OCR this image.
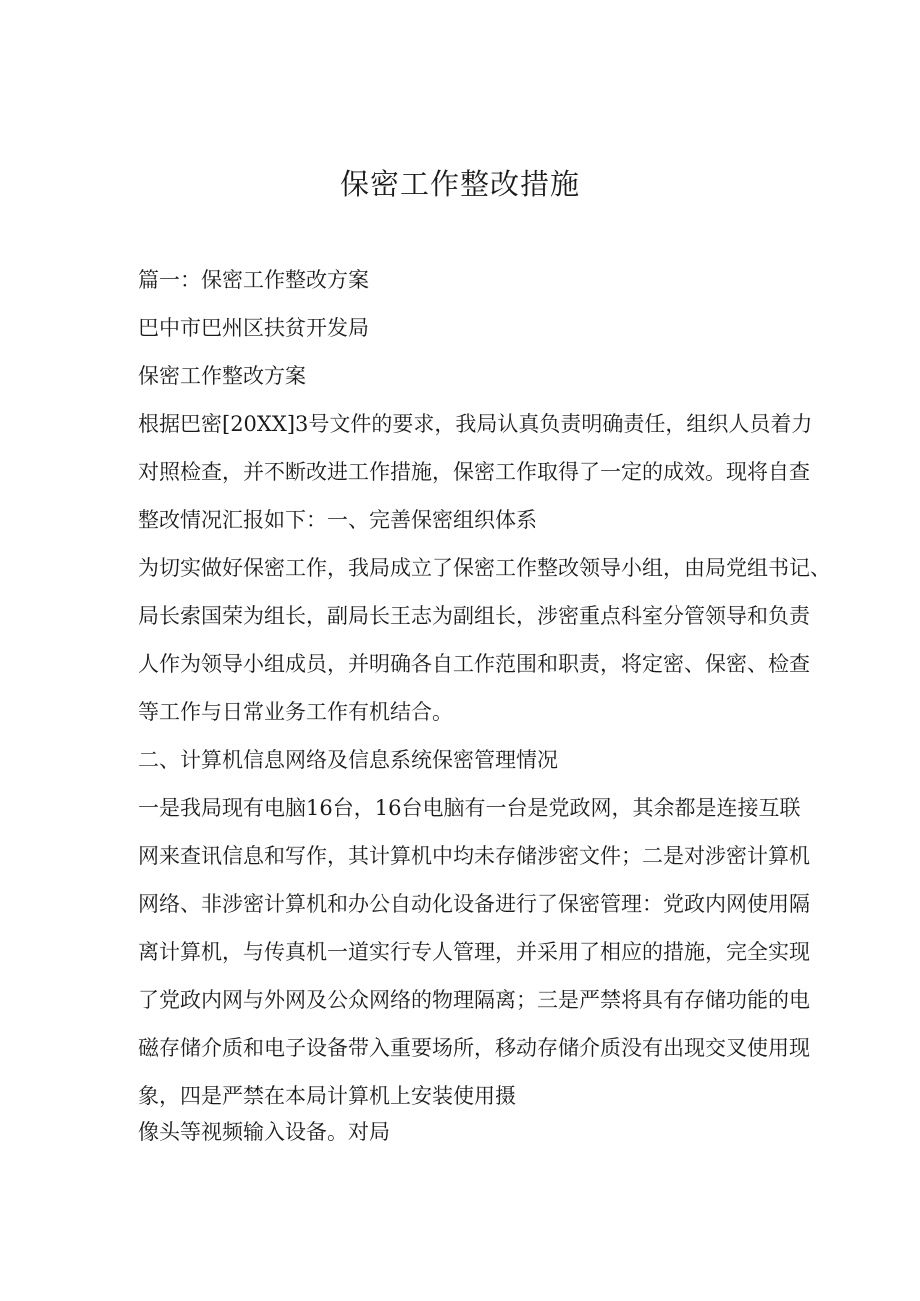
保密工作整改措施
篇一：保密工作整改方案
巴中市巴州区扶贫开发局
保密工作整改方案
根据巴密[20XX]3号文件的要求，我局认真负责明确责任，组织人员着力
对照检查，并不断改进工作措施，保密工作取得了一定的成效。现将自查
整改情况汇报如下：一、完善保密组织体系
为切实做好保密工作，我局成立了保密工作整改领导小组，由局党组书记、
局长索国荣为组长，副局长王志为副组长，涉密重点科室分管领导和负责
人作为领导小组成员，并明确各自工作范围和职责，将定密、保密、检查
等工作与日常业务工作有机结合。
二、计算机信息网络及信息系统保密管理情况
一是我局现有电脑16台，16台电脑有一台是党政网，其余都是连接互联
网来查讯信息和写作，其计算机中均未存储涉密文件；二是对涉密计算机
网络、非涉密计算机和办公自动化设备进行了保密管理：党政内网使用隔
离计算机，与传真机一道实行专人管理，并采用了相应的措施，完全实现
了党政内网与外网及公众网络的物理隔离；三是严禁将具有存储功能的电
磁存储介质和电子设备带入重要场所，移动存储介质没有出现交叉使用现
象，四是严禁在本局计算机上安装使用摄
像头等视频输入设备。对局
